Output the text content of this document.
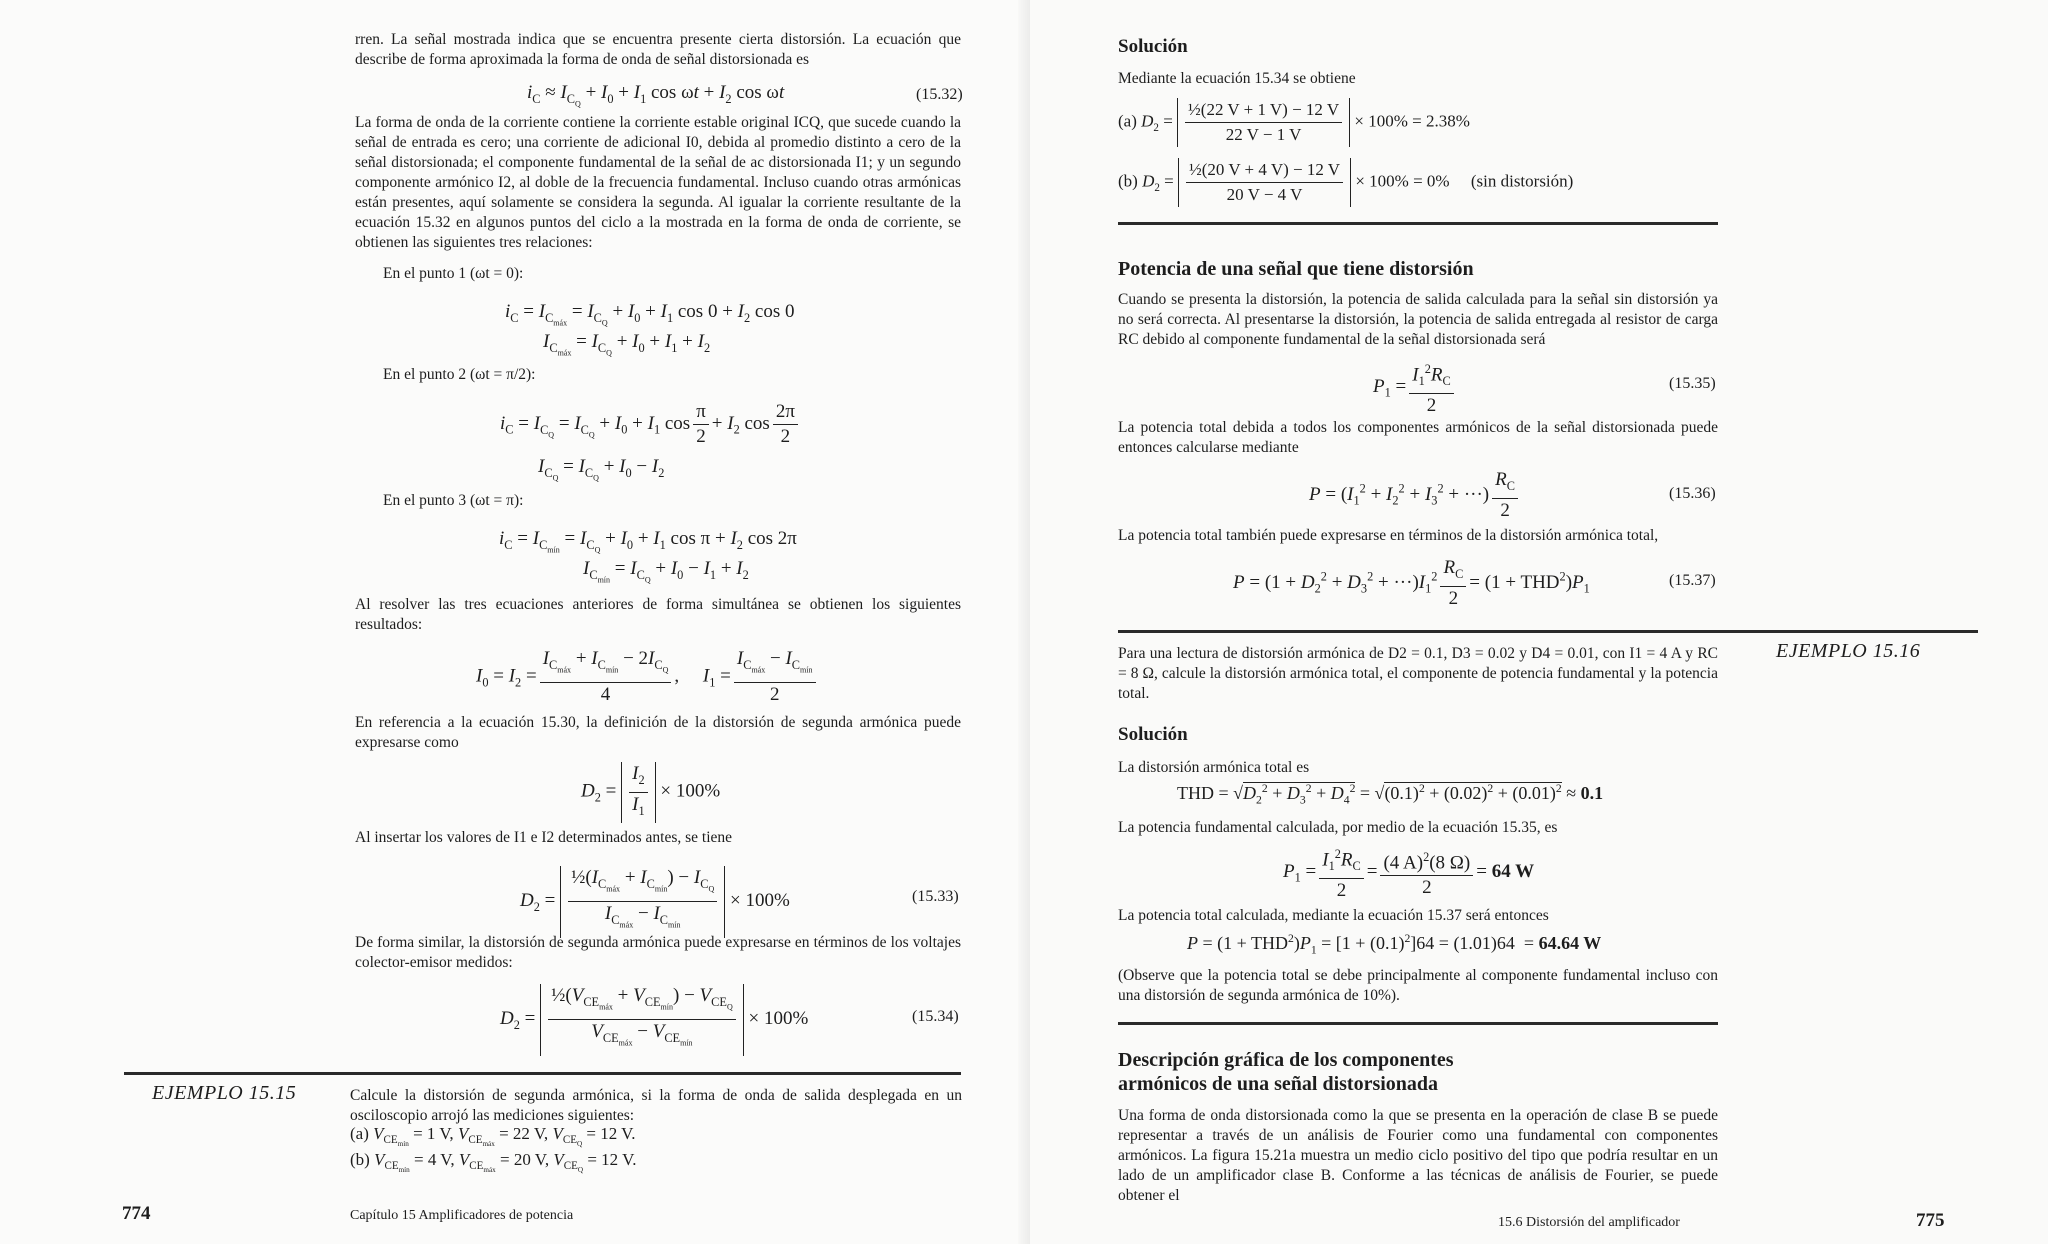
rren. La señal mostrada indica que se encuentra presente cierta distorsión. La ecuación que describe de forma aproximada la forma de onda de señal distorsionada es
$i_C \approx I_{C_Q} + I_0 + I_1$ $\cos \omega t + I_2$ cos ωt	(15.32)
La forma de onda de la corriente contiene la corriente estable original ICQ, que sucede cuando la señal de entrada es cero; una corriente de adicional I0, debida al promedio distinto a cero de la señal distorsionada; el componente fundamental de la señal de ac distorsionada I1; y un segundo componente armónico I2, al doble de la frecuencia fundamental. Incluso cuando otras armónicas están presentes, aquí solamente se considera la segunda. Al igualar la corriente resultante de la ecuación 15.32 en algunos puntos del ciclo a la mostrada en la forma de onda de corriente, se obtienen las siguientes tres relaciones:
En el punto 1 (ωt = 0):
$i_C = I_{C_{máx}} = I_{C_Q} + I_0 + I_1$ $\cos 0 + I_2$ cos 0
$I_{C_{máx}} = I_{C_Q} + I_0 + I_1 + I_2$
En el punto 2 (ωt = π/2):
$i_C = I_{C_Q} = I_{C_Q} + I_0 + I_1$ $\cos \frac{\pi}{2} + I_2$ $\cos \frac{2\pi}{2}$
$I_{C_Q} = I_{C_Q} + I_0 - I_2$
En el punto 3 (ωt = π):
$i_C = I_{C_{mín}} = I_{C_Q} + I_0 + I_1$ $\cos \pi + I_2$ cos 2π
$I_{C_{mín}} = I_{C_Q} + I_0 - I_1 + I_2$
Al resolver las tres ecuaciones anteriores de forma simultánea se obtienen los siguientes resultados:
$I_0 = I_2 = \frac{I_{C_{máx}} + I_{C_{mín}} - 2I_{C_Q}}{4}$ ,     $I_1 = \frac{I_{C_{máx}} - I_{C_{mín}}}{2}$
En referencia a la ecuación 15.30, la definición de la distorsión de segunda armónica puede expresarse como
$D_2 = \frac{I_2}{I_1} \times 100\%$
Al insertar los valores de I1 e I2 determinados antes, se tiene
$D_2 = \frac{\frac{1}{2}(I_{C_{máx}} + I_{C_{mín}}) - I_{C_Q}}{I_{C_{máx}} - I_{C_{mín}}} \times 100\%$	(15.33)
De forma similar, la distorsión de segunda armónica puede expresarse en términos de los voltajes colector-emisor medidos:
$D_2 = \frac{\frac{1}{2}(V_{CE_{máx}} + V_{CE_{mín}}) - V_{CE_Q}}{V_{CE_{máx}} - V_{CE_{mín}}} \times 100\%$	(15.34)
EJEMPLO 15.15	Calcule la distorsión de segunda armónica, si la forma de onda de salida desplegada en un osciloscopio arrojó las mediciones siguientes:
(a) $V_{CE_{mín}} = 1$ V, $V_{CE_{máx}} = 22$ V, $V_{CE_Q} = 12$ V.
(b) $V_{CE_{mín}} = 4$ V, $V_{CE_{máx}} = 20$ V, $V_{CE_Q} = 12$ V.
774	Capítulo 15 Amplificadores de potencia
Solución
Mediante la ecuación 15.34 se obtiene
(a) $D_2 = \frac{\text{½(22 V + 1 V) − 12 V}}{22 V - 1 V} \times 100\% = 2.38\%$
(b) $D_2 = \frac{\text{½(20 V + 4 V) − 12 V}}{20 V - 4 V} \times 100\% = 0\%$     (sin distorsión)
Potencia de una señal que tiene distorsión
Cuando se presenta la distorsión, la potencia de salida calculada para la señal sin distorsión ya no será correcta. Al presentarse la distorsión, la potencia de salida entregada al resistor de carga RC debido al componente fundamental de la señal distorsionada será
$P_1 = \frac{I_1^2R_C}{2}$	(15.35)
La potencia total debida a todos los componentes armónicos de la señal distorsionada puede entonces calcularse mediante
$P = (I_1^2 + I_2^2 + I_3^2$ + ···) $\frac{R_C}{2}$	(15.36)
La potencia total también puede expresarse en términos de la distorsión armónica total,
$P = (1 + D_2^2 + D_3^2 + \cdot\cdot\cdot)I_1^2 \frac{R_C}{2} = (1 + THD^2)P_1$	(15.37)
EJEMPLO 15.16
Para una lectura de distorsión armónica de D2 = 0.1, D3 = 0.02 y D4 = 0.01, con I1 = 4 A y RC = 8 Ω, calcule la distorsión armónica total, el componente de potencia fundamental y la potencia total.
Solución
La distorsión armónica total es
THD = $√D_2^2 + D_3^2 + D_4^2 = √(0.1)^2 + (0.02)^2 + (0.01)^2 \approx 0.1$
La potencia fundamental calculada, por medio de la ecuación 15.35, es
$P_1 = \frac{I_1^2R_C}{2} = \frac{(4 A)^2(8 \Omega)}{2} = 64$ W
La potencia total calculada, mediante la ecuación 15.37 será entonces
$P = (1 + THD^2)P_1 = [1 + (0.1)^2]64 = (1.01)64 = 64.64$ W
(Observe que la potencia total se debe principalmente al componente fundamental incluso con una distorsión de segunda armónica de 10%).
Descripción gráfica de los componentes
armónicos de una señal distorsionada
Una forma de onda distorsionada como la que se presenta en la operación de clase B se puede representar a través de un análisis de Fourier como una fundamental con componentes armónicos. La figura 15.21a muestra un medio ciclo positivo del tipo que podría resultar en un lado de un amplificador clase B. Conforme a las técnicas de análisis de Fourier, se puede obtener el
15.6 Distorsión del amplificador	775
